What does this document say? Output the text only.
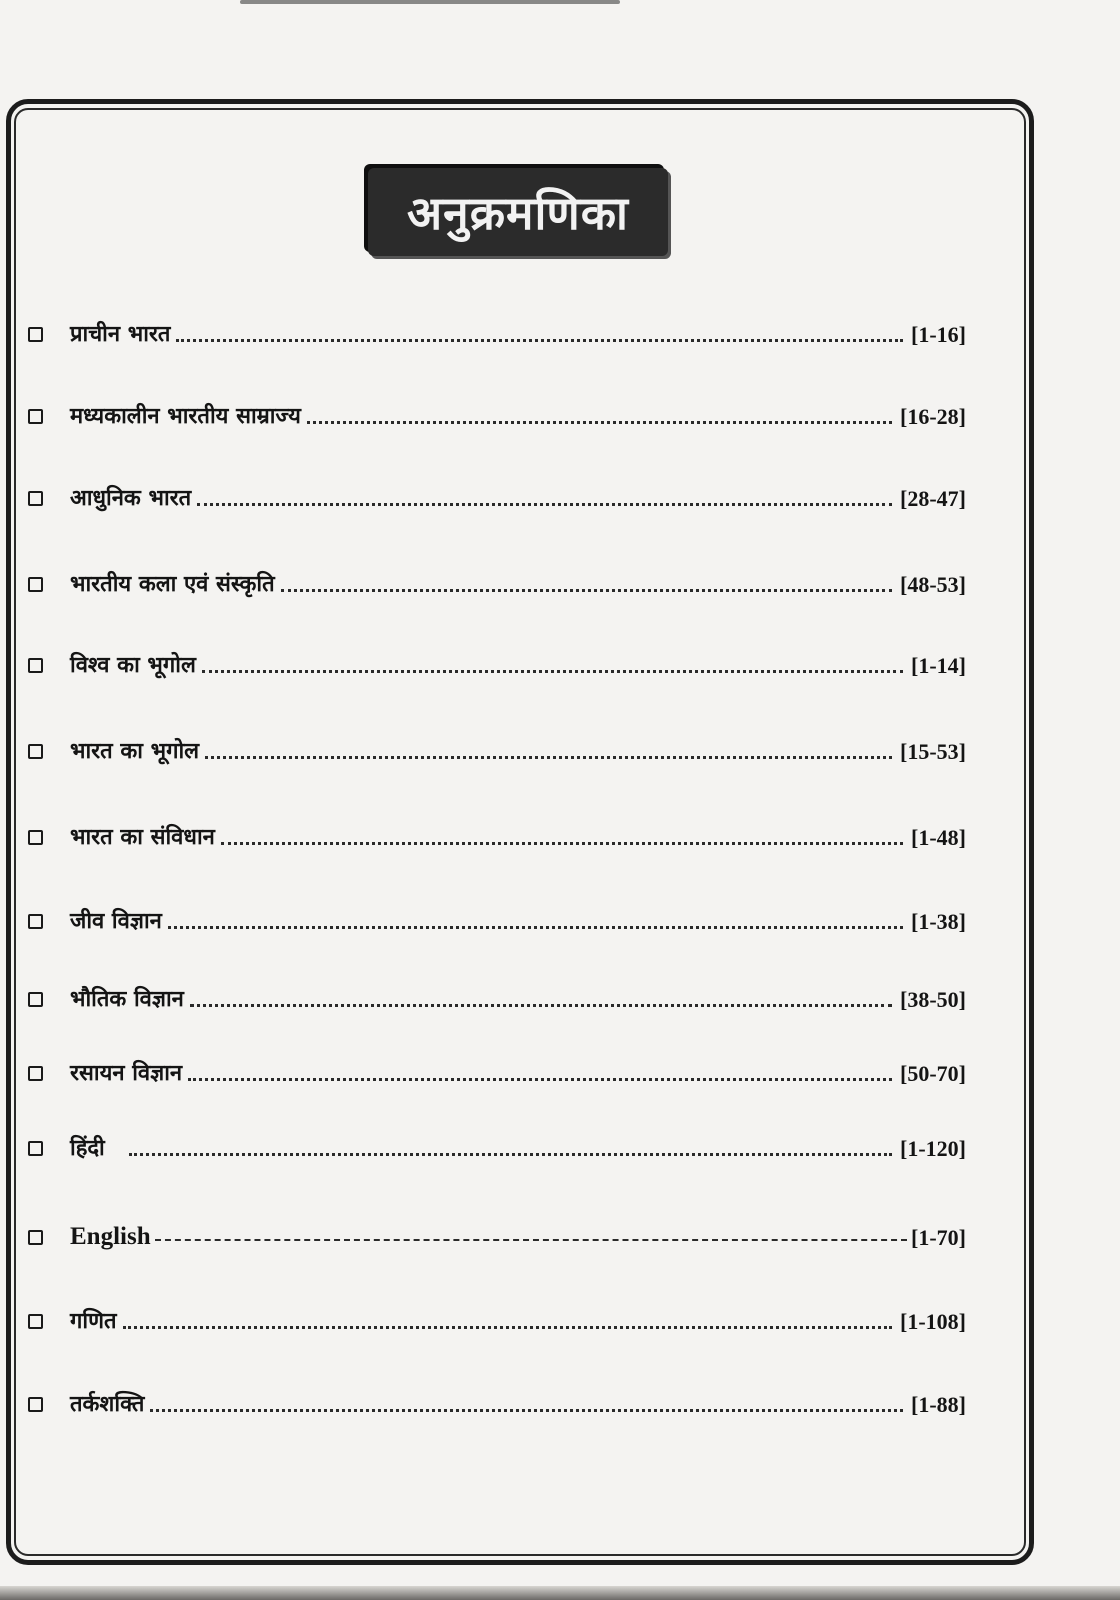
अनुक्रमणिका
प्राचीन भारत	[1-16]
मध्यकालीन भारतीय साम्राज्य	[16-28]
आधुनिक भारत	[28-47]
भारतीय कला एवं संस्कृति	[48-53]
विश्व का भूगोल	[1-14]
भारत का भूगोल	[15-53]
भारत का संविधान	[1-48]
जीव विज्ञान	[1-38]
भौतिक विज्ञान	[38-50]
रसायन विज्ञान	[50-70]
हिंदी	[1-120]
English	[1-70]
गणित	[1-108]
तर्कशक्ति	[1-88]
